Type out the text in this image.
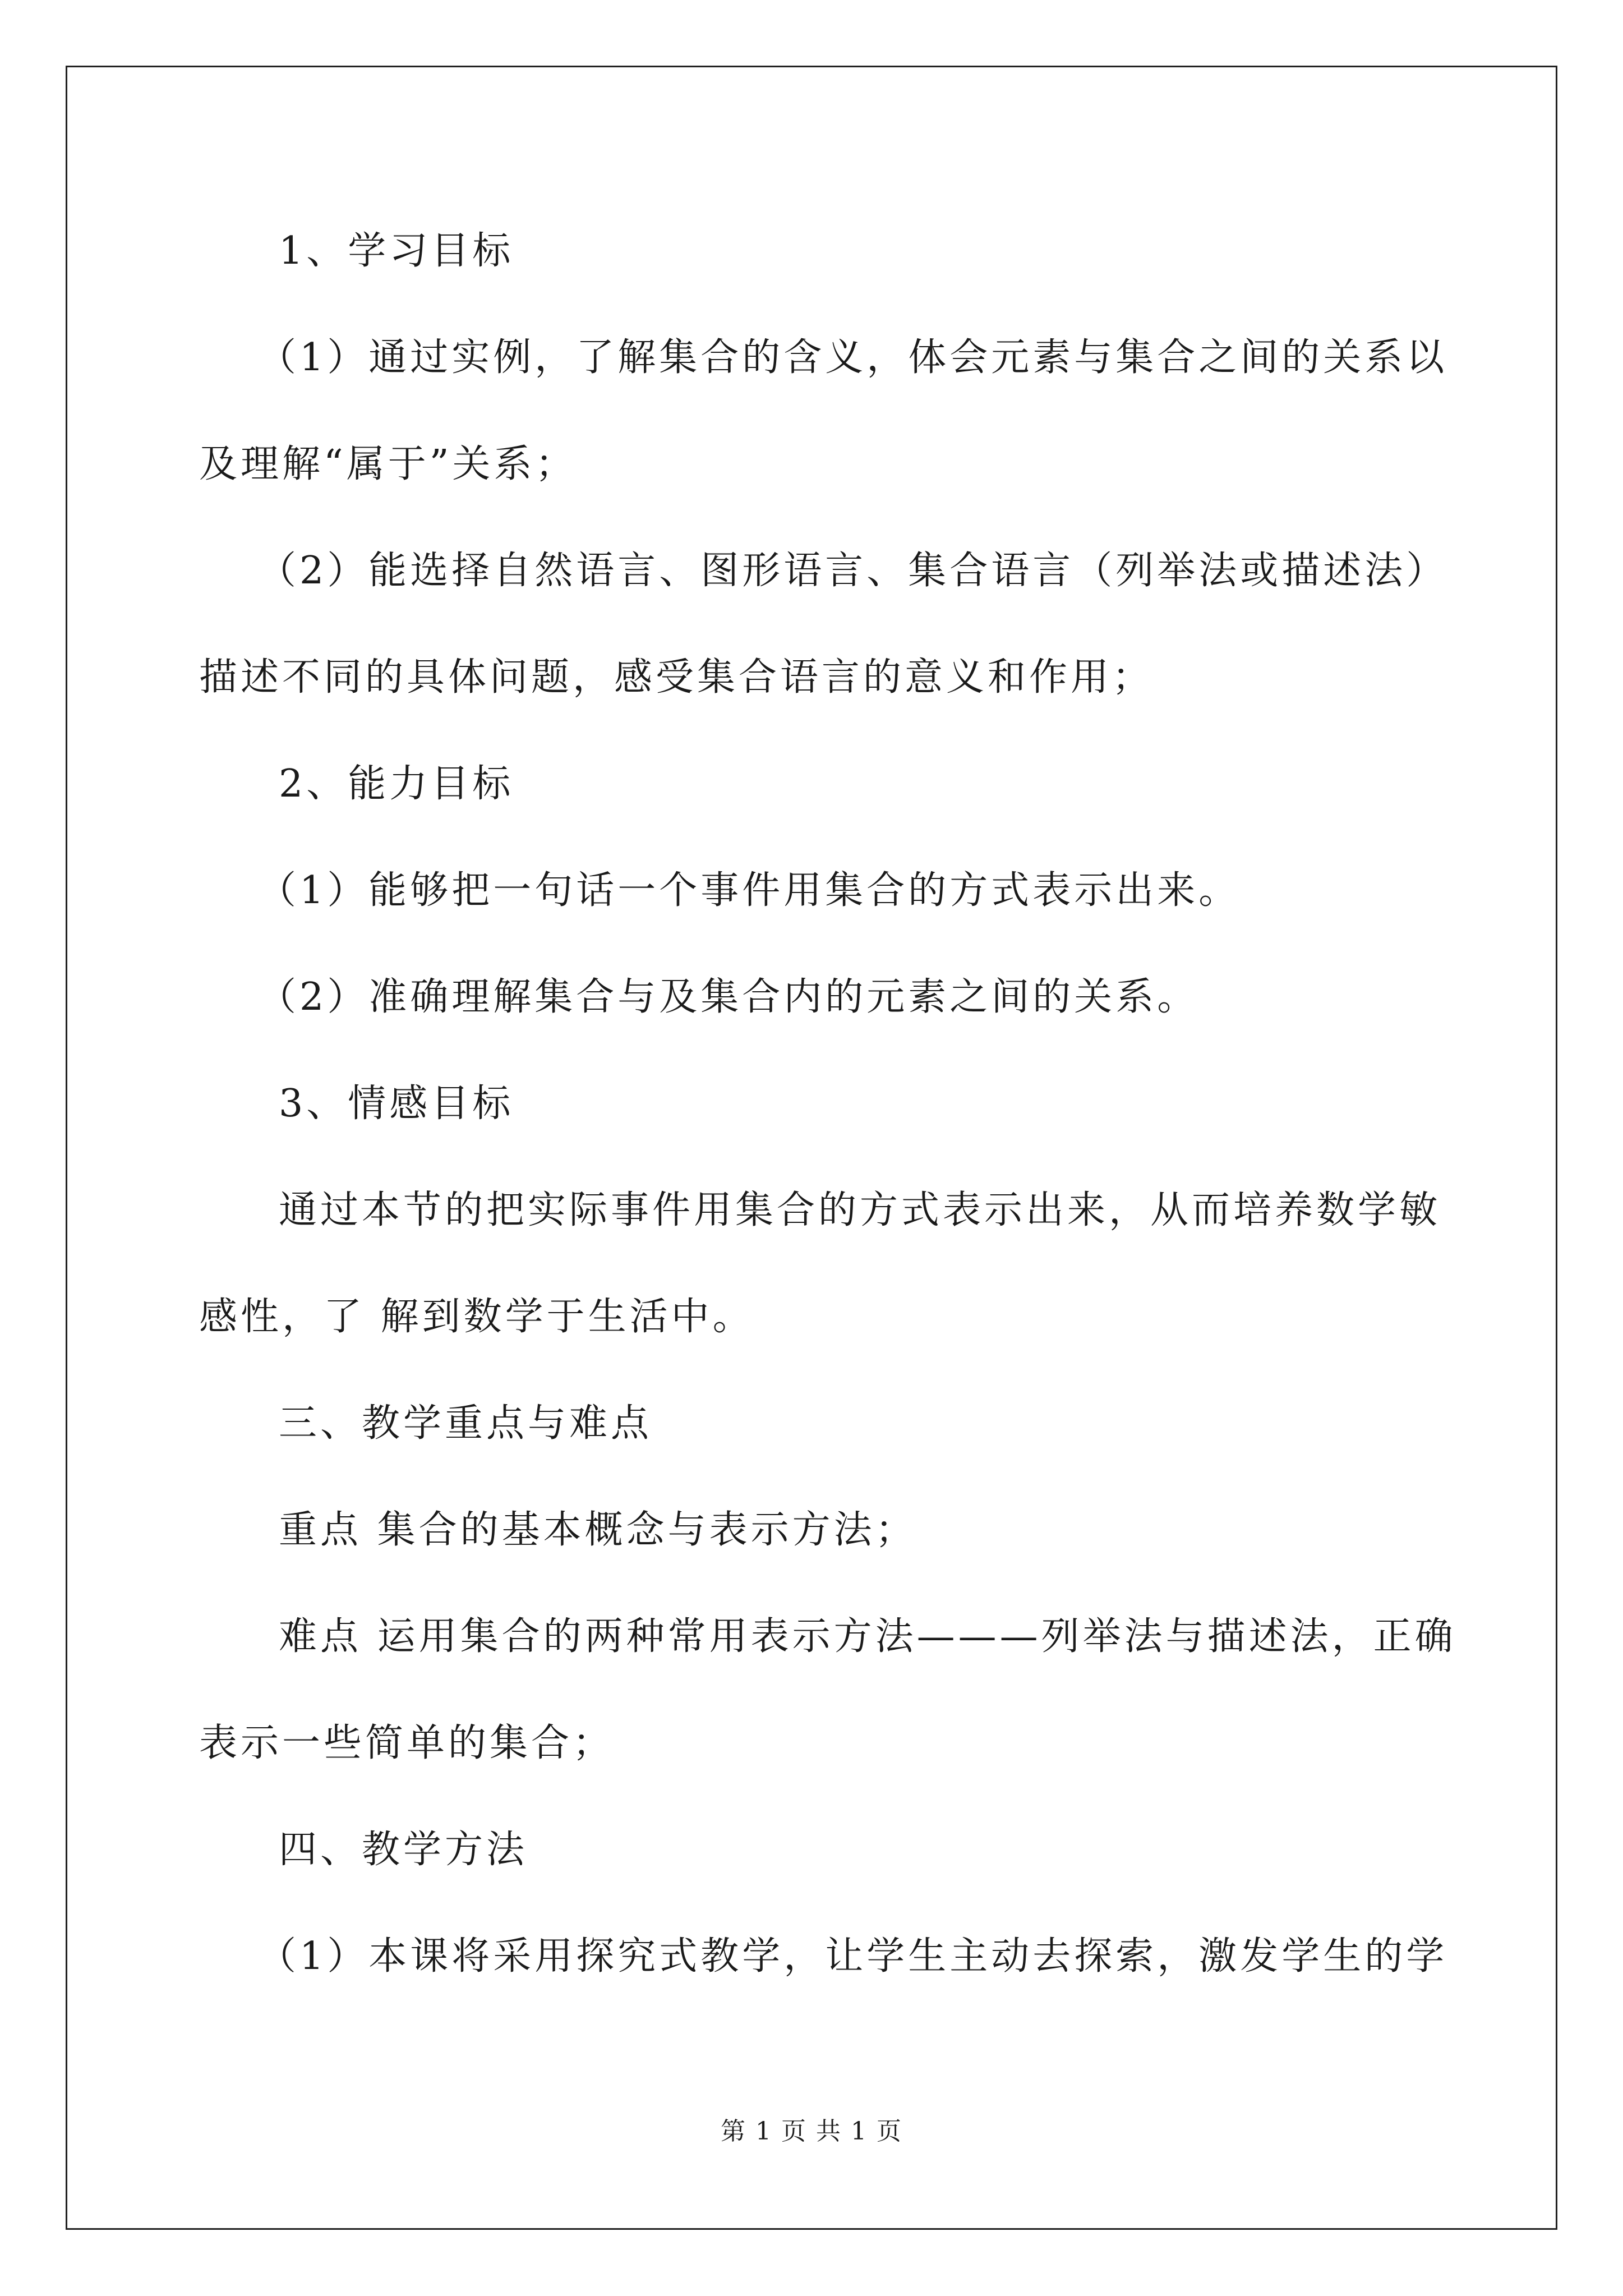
1、学习目标
（1）通过实例，了解集合的含义，体会元素与集合之间的关系以
及理解“属于”关系；
（2）能选择自然语言、图形语言、集合语言（列举法或描述法）
描述不同的具体问题，感受集合语言的意义和作用；
2、能力目标
（1）能够把一句话一个事件用集合的方式表示出来。
（2）准确理解集合与及集合内的元素之间的关系。
3、情感目标
通过本节的把实际事件用集合的方式表示出来，从而培养数学敏
感性，了 解到数学于生活中。
三、教学重点与难点
重点 集合的基本概念与表示方法；
难点 运用集合的两种常用表示方法———列举法与描述法，正确
表示一些简单的集合；
四、教学方法
（1）本课将采用探究式教学，让学生主动去探索，激发学生的学
第 1 页 共 1 页
